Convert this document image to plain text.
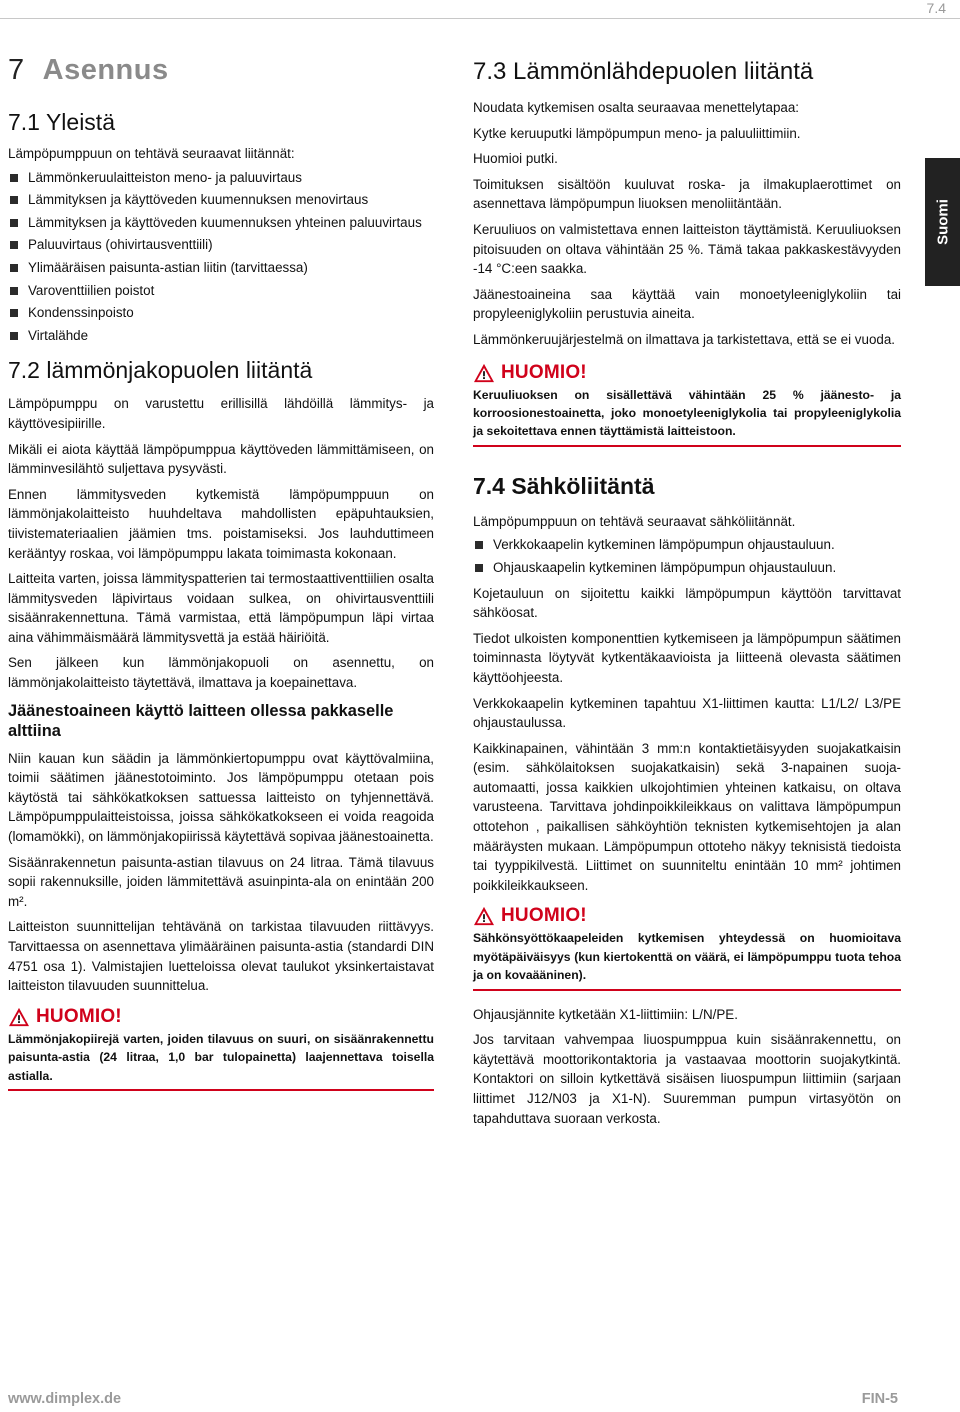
7.4
Suomi
7 Asennus
7.1 Yleistä

Lämpöpumppuun on tehtävä seuraavat liitännät:

Lämmönkeruulaitteiston meno- ja paluuvirtaus
Lämmityksen ja käyttöveden kuumennuksen menovirtaus
Lämmityksen ja käyttöveden kuumennuksen yhteinen paluuvirtaus
Paluuvirtaus (ohivirtausventtiili)
Ylimääräisen paisunta-astian liitin (tarvittaessa)
Varoventtiilien poistot
Kondenssinpoisto
Virtalähde
7.2 lämmönjakopuolen liitäntä

Lämpöpumppu on varustettu erillisillä lähdöillä lämmitys- ja käyttövesipiirille.

Mikäli ei aiota käyttää lämpöpumppua käyttöveden lämmittämiseen, on lämminvesilähtö suljettava pysyvästi.

Ennen lämmitysveden kytkemistä lämpöpumppuun on lämmönjakolaitteisto huuhdeltava mahdollisten epäpuhtauksien, tiivistemateriaalien jäämien tms. poistamiseksi. Jos lauhduttimeen kerääntyy roskaa, voi lämpöpumppu lakata toimimasta kokonaan.

Laitteita varten, joissa lämmityspatterien tai termostaattiventtiilien osalta lämmitysveden läpivirtaus voidaan sulkea, on ohivirtausventtiili sisäänrakennettuna. Tämä varmistaa, että lämpöpumpun läpi virtaa aina vähimmäismäärä lämmitysvettä ja estää häiriöitä.

Sen jälkeen kun lämmönjakopuoli on asennettu, on lämmönjakolaitteisto täytettävä, ilmattava ja koepainettava.

Jäänestoaineen käyttö laitteen ollessa pakkaselle alttiina

Niin kauan kun säädin ja lämmönkiertopumppu ovat käyttövalmiina, toimii säätimen jäänestotoiminto. Jos lämpöpumppu otetaan pois käytöstä tai sähkökatkoksen sattuessa laitteisto on tyhjennettävä. Lämpöpumppulaitteistoissa, joissa sähkökatkokseen ei voida reagoida (lomamökki), on lämmönjakopiirissä käytettävä sopivaa jäänestoainetta.

Sisäänrakennetun paisunta-astian tilavuus on 24 litraa. Tämä tilavuus sopii rakennuksille, joiden lämmitettävä asuinpinta-ala on enintään 200 m².

Laitteiston suunnittelijan tehtävänä on tarkistaa tilavuuden riittävyys. Tarvittaessa on asennettava ylimääräinen paisunta-astia (standardi DIN 4751 osa 1). Valmistajien luetteloissa olevat taulukot yksinkertaistavat laitteiston tilavuuden suunnittelua.

HUOMIO!
Lämmönjakopiirejä varten, joiden tilavuus on suuri, on sisäänrakennettu paisunta-astia (24 litraa, 1,0 bar tulopainetta) laajennettava toisella astialla.
7.3 Lämmönlähdepuolen liitäntä

Noudata kytkemisen osalta seuraavaa menettelytapaa:

Kytke keruuputki lämpöpumpun meno- ja paluuliittimiin.

Huomioi putki.

Toimituksen sisältöön kuuluvat roska- ja ilmakuplaerottimet on asennettava lämpöpumpun liuoksen menoliitäntään.

Keruuliuos on valmistettava ennen laitteiston täyttämistä. Keruuliuoksen pitoisuuden on oltava vähintään 25 %. Tämä takaa pakkaskestävyyden -14 °C:een saakka.

Jäänestoaineina saa käyttää vain monoetyleeniglykoliin tai propyleeniglykoliin perustuvia aineita.

Lämmönkeruujärjestelmä on ilmattava ja tarkistettava, että se ei vuoda.

HUOMIO!
Keruuliuoksen on sisällettävä vähintään 25 % jäänesto- ja korroosionestoainetta, joko monoetyleeniglykolia tai propyleeniglykolia ja sekoitettava ennen täyttämistä laitteistoon.
7.4 Sähköliitäntä

Lämpöpumppuun on tehtävä seuraavat sähköliitännät.

Verkkokaapelin kytkeminen lämpöpumpun ohjaustauluun.
Ohjauskaapelin kytkeminen lämpöpumpun ohjaustauluun.

Kojetauluun on sijoitettu kaikki lämpöpumpun käyttöön tarvittavat sähköosat.

Tiedot ulkoisten komponenttien kytkemiseen ja lämpöpumpun säätimen toiminnasta löytyvät kytkentäkaavioista ja liitteenä olevasta säätimen käyttöohjeesta.

Verkkokaapelin kytkeminen tapahtuu X1-liittimen kautta: L1/L2/ L3/PE ohjaustaulussa.

Kaikkinapainen, vähintään 3 mm:n kontaktietäisyyden suojakatkaisin (esim. sähkölaitoksen suojakatkaisin) sekä 3-napainen suoja-automaatti, jossa kaikkien ulkojohtimien yhteinen katkaisu, on oltava varusteena. Tarvittava johdinpoikkileikkaus on valittava lämpöpumpun ottotehon , paikallisen sähköyhtiön teknisten kytkemisehtojen ja alan määräysten mukaan. Lämpöpumpun ottoteho näkyy teknisistä tiedoista tai tyyppikilvestä. Liittimet on suunniteltu enintään 10 mm² johtimen poikkileikkaukseen.

HUOMIO!
Sähkönsyöttökaapeleiden kytkemisen yhteydessä on huomioitava myötäpäiväisyys (kun kiertokenttä on väärä, ei lämpöpumppu tuota tehoa ja on kovaääninen).

Ohjausjännite kytketään X1-liittimiin: L/N/PE.

Jos tarvitaan vahvempaa liuospumppua kuin sisäänrakennettu, on käytettävä moottorikontaktoria ja vastaavaa moottorin suojakytkintä. Kontaktori on silloin kytkettävä sisäisen liuospumpun liittimiin (sarjaan liittimet J12/N03 ja X1-N). Suuremman pumpun virtasyötön on tapahduttava suoraan verkosta.

www.dimplex.de	FIN-5
